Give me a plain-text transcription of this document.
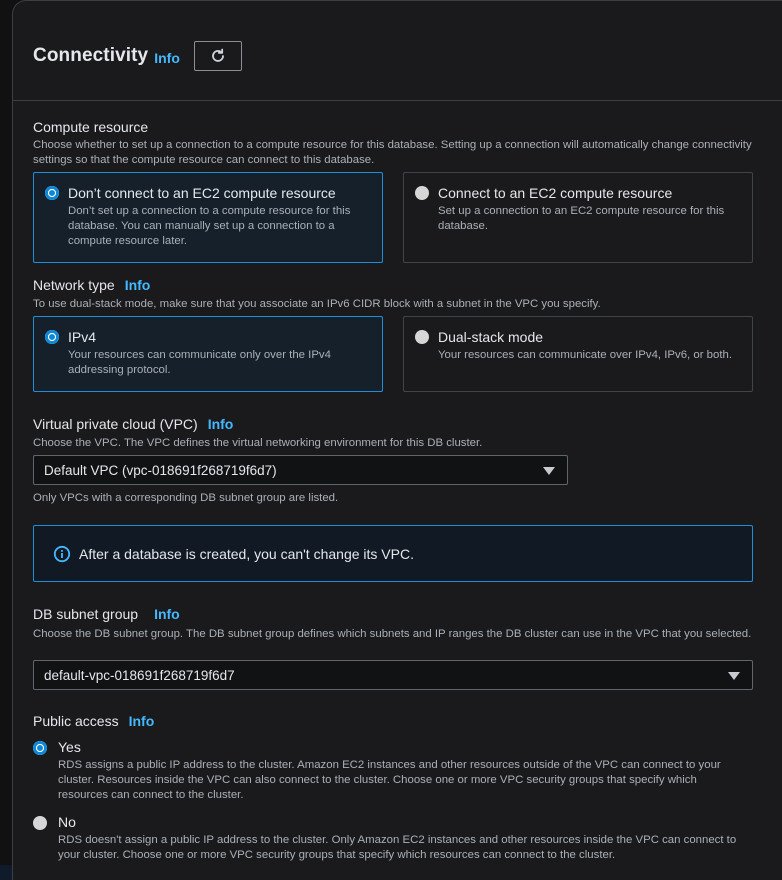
Connectivity Info
Compute resource
Choose whether to set up a connection to a compute resource for this database. Setting up a connection will automatically change connectivity settings so that the compute resource can connect to this database.
Don’t connect to an EC2 compute resource
Don’t set up a connection to a compute resource for this database. You can manually set up a connection to a compute resource later.
Connect to an EC2 compute resource
Set up a connection to an EC2 compute resource for this database.
Network type Info
To use dual-stack mode, make sure that you associate an IPv6 CIDR block with a subnet in the VPC you specify.
IPv4
Your resources can communicate only over the IPv4 addressing protocol.
Dual-stack mode
Your resources can communicate over IPv4, IPv6, or both.
Virtual private cloud (VPC) Info
Choose the VPC. The VPC defines the virtual networking environment for this DB cluster.
Default VPC (vpc-018691f268719f6d7)
Only VPCs with a corresponding DB subnet group are listed.
After a database is created, you can't change its VPC.
DB subnet group Info
Choose the DB subnet group. The DB subnet group defines which subnets and IP ranges the DB cluster can use in the VPC that you selected.
default-vpc-018691f268719f6d7
Public access Info
Yes
RDS assigns a public IP address to the cluster. Amazon EC2 instances and other resources outside of the VPC can connect to your cluster. Resources inside the VPC can also connect to the cluster. Choose one or more VPC security groups that specify which resources can connect to the cluster.
No
RDS doesn't assign a public IP address to the cluster. Only Amazon EC2 instances and other resources inside the VPC can connect to your cluster. Choose one or more VPC security groups that specify which resources can connect to the cluster.
